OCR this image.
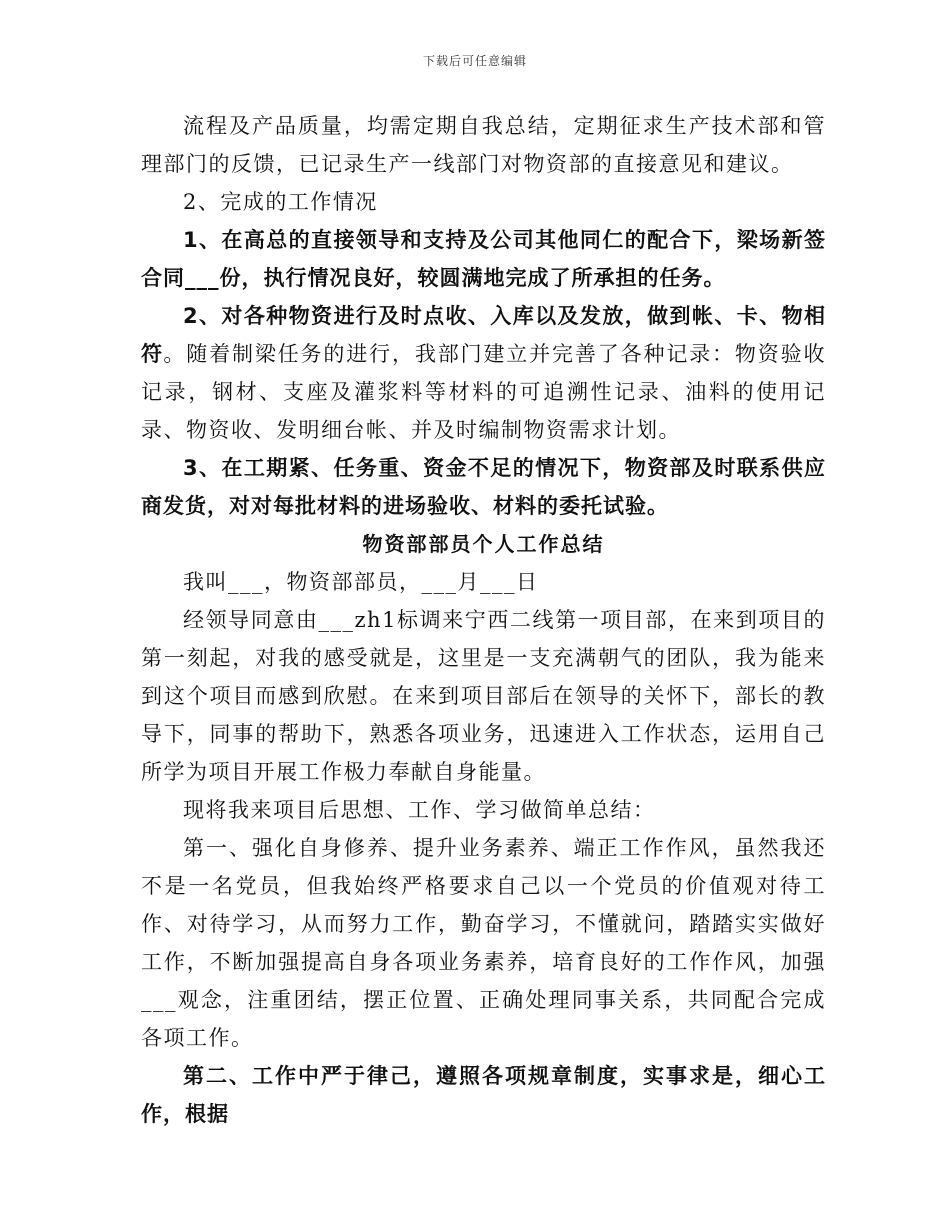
下载后可任意编辑

流程及产品质量，均需定期自我总结，定期征求生产技术部和管理部门的反馈，已记录生产一线部门对物资部的直接意见和建议。

2、完成的工作情况

1、在高总的直接领导和支持及公司其他同仁的配合下，梁场新签合同___份，执行情况良好，较圆满地完成了所承担的任务。

2、对各种物资进行及时点收、入库以及发放，做到帐、卡、物相符。随着制梁任务的进行，我部门建立并完善了各种记录：物资验收记录，钢材、支座及灌浆料等材料的可追溯性记录、油料的使用记录、物资收、发明细台帐、并及时编制物资需求计划。

3、在工期紧、任务重、资金不足的情况下，物资部及时联系供应商发货，对对每批材料的进场验收、材料的委托试验。

物资部部员个人工作总结

我叫___，物资部部员，___月___日

经领导同意由___zh1标调来宁西二线第一项目部，在来到项目的第一刻起，对我的感受就是，这里是一支充满朝气的团队，我为能来到这个项目而感到欣慰。在来到项目部后在领导的关怀下，部长的教导下，同事的帮助下，熟悉各项业务，迅速进入工作状态，运用自己所学为项目开展工作极力奉献自身能量。

现将我来项目后思想、工作、学习做简单总结：

第一、强化自身修养、提升业务素养、端正工作作风，虽然我还不是一名党员，但我始终严格要求自己以一个党员的价值观对待工作、对待学习，从而努力工作，勤奋学习，不懂就问，踏踏实实做好工作，不断加强提高自身各项业务素养，培育良好的工作作风，加强___观念，注重团结，摆正位置、正确处理同事关系，共同配合完成各项工作。

第二、工作中严于律己，遵照各项规章制度，实事求是，细心工作，根据
